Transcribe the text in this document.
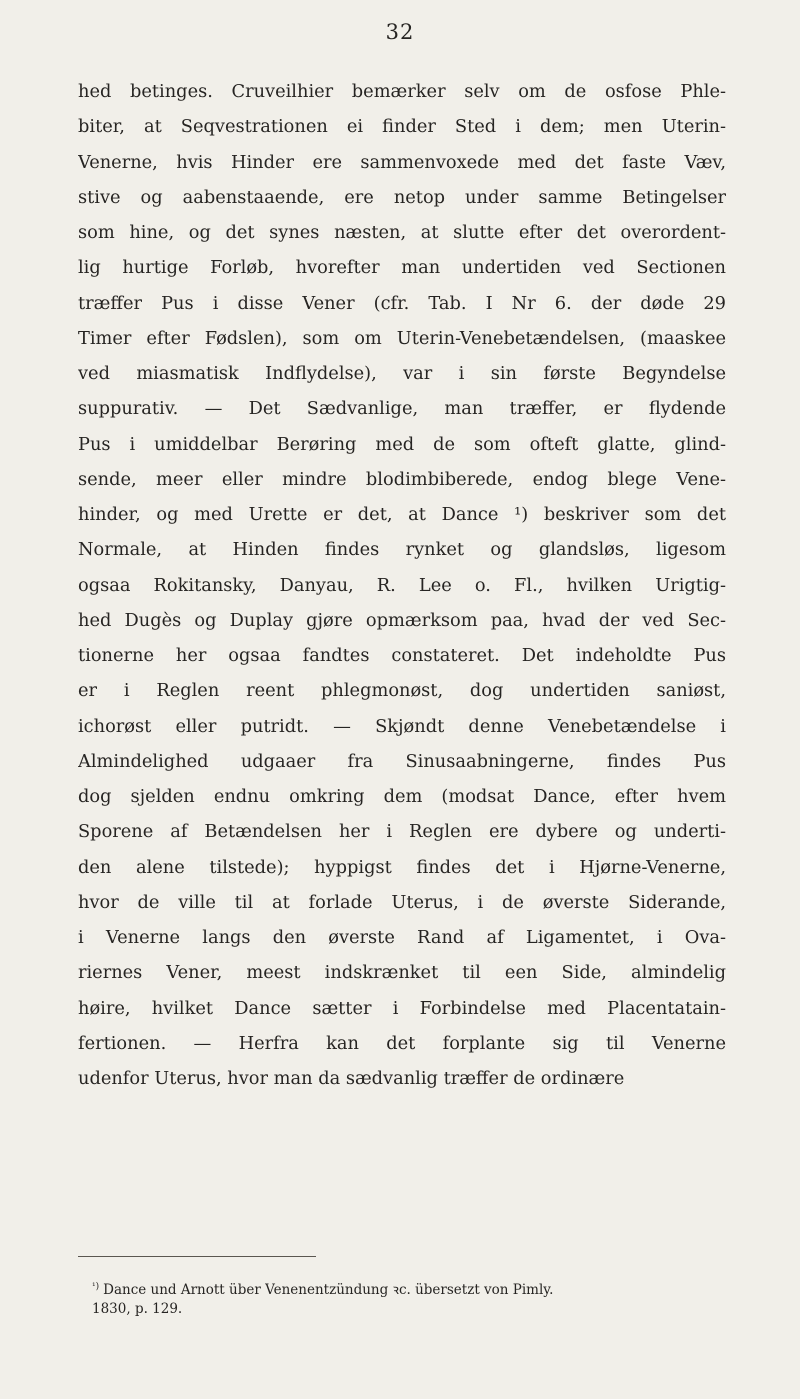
32
hed betinges. Cruveilhier bemærker selv om de osfose Phle-
biter, at Seqvestrationen ei finder Sted i dem; men Uterin-
Venerne, hvis Hinder ere sammenvoxede med det faste Væv,
stive og aabenstaaende, ere netop under samme Betingelser
som hine, og det synes næsten, at slutte efter det overordent-
lig hurtige Forløb, hvorefter man undertiden ved Sectionen
træffer Pus i disse Vener (cfr. Tab. I Nr 6. der døde 29
Timer efter Fødslen), som om Uterin-Venebetændelsen, (maaskee
ved miasmatisk Indflydelse), var i sin første Begyndelse
suppurativ. — Det Sædvanlige, man træffer, er flydende
Pus i umiddelbar Berøring med de som ofteft glatte, glind-
sende, meer eller mindre blodimbiberede, endog blege Vene-
hinder, og med Urette er det, at Dance ¹) beskriver som det
Normale, at Hinden findes rynket og glandsløs, ligesom
ogsaa Rokitansky, Danyau, R. Lee o. Fl., hvilken Urigtig-
hed Dugès og Duplay gjøre opmærksom paa, hvad der ved Sec-
tionerne her ogsaa fandtes constateret. Det indeholdte Pus
er i Reglen reent phlegmonøst, dog undertiden saniøst,
ichorøst eller putridt. — Skjøndt denne Venebetændelse i
Almindelighed udgaaer fra Sinusaabningerne, findes Pus
dog sjelden endnu omkring dem (modsat Dance, efter hvem
Sporene af Betændelsen her i Reglen ere dybere og underti-
den alene tilstede); hyppigst findes det i Hjørne-Venerne,
hvor de ville til at forlade Uterus, i de øverste Siderande,
i Venerne langs den øverste Rand af Ligamentet, i Ova-
riernes Vener, meest indskrænket til een Side, almindelig
høire, hvilket Dance sætter i Forbindelse med Placentatain-
fertionen. — Herfra kan det forplante sig til Venerne
udenfor Uterus, hvor man da sædvanlig træffer de ordinære
$^{^1)}$ Dance und Arnott über Venenentzündung ꝛc. übersetzt von Pimly.
1830, p. 129.
